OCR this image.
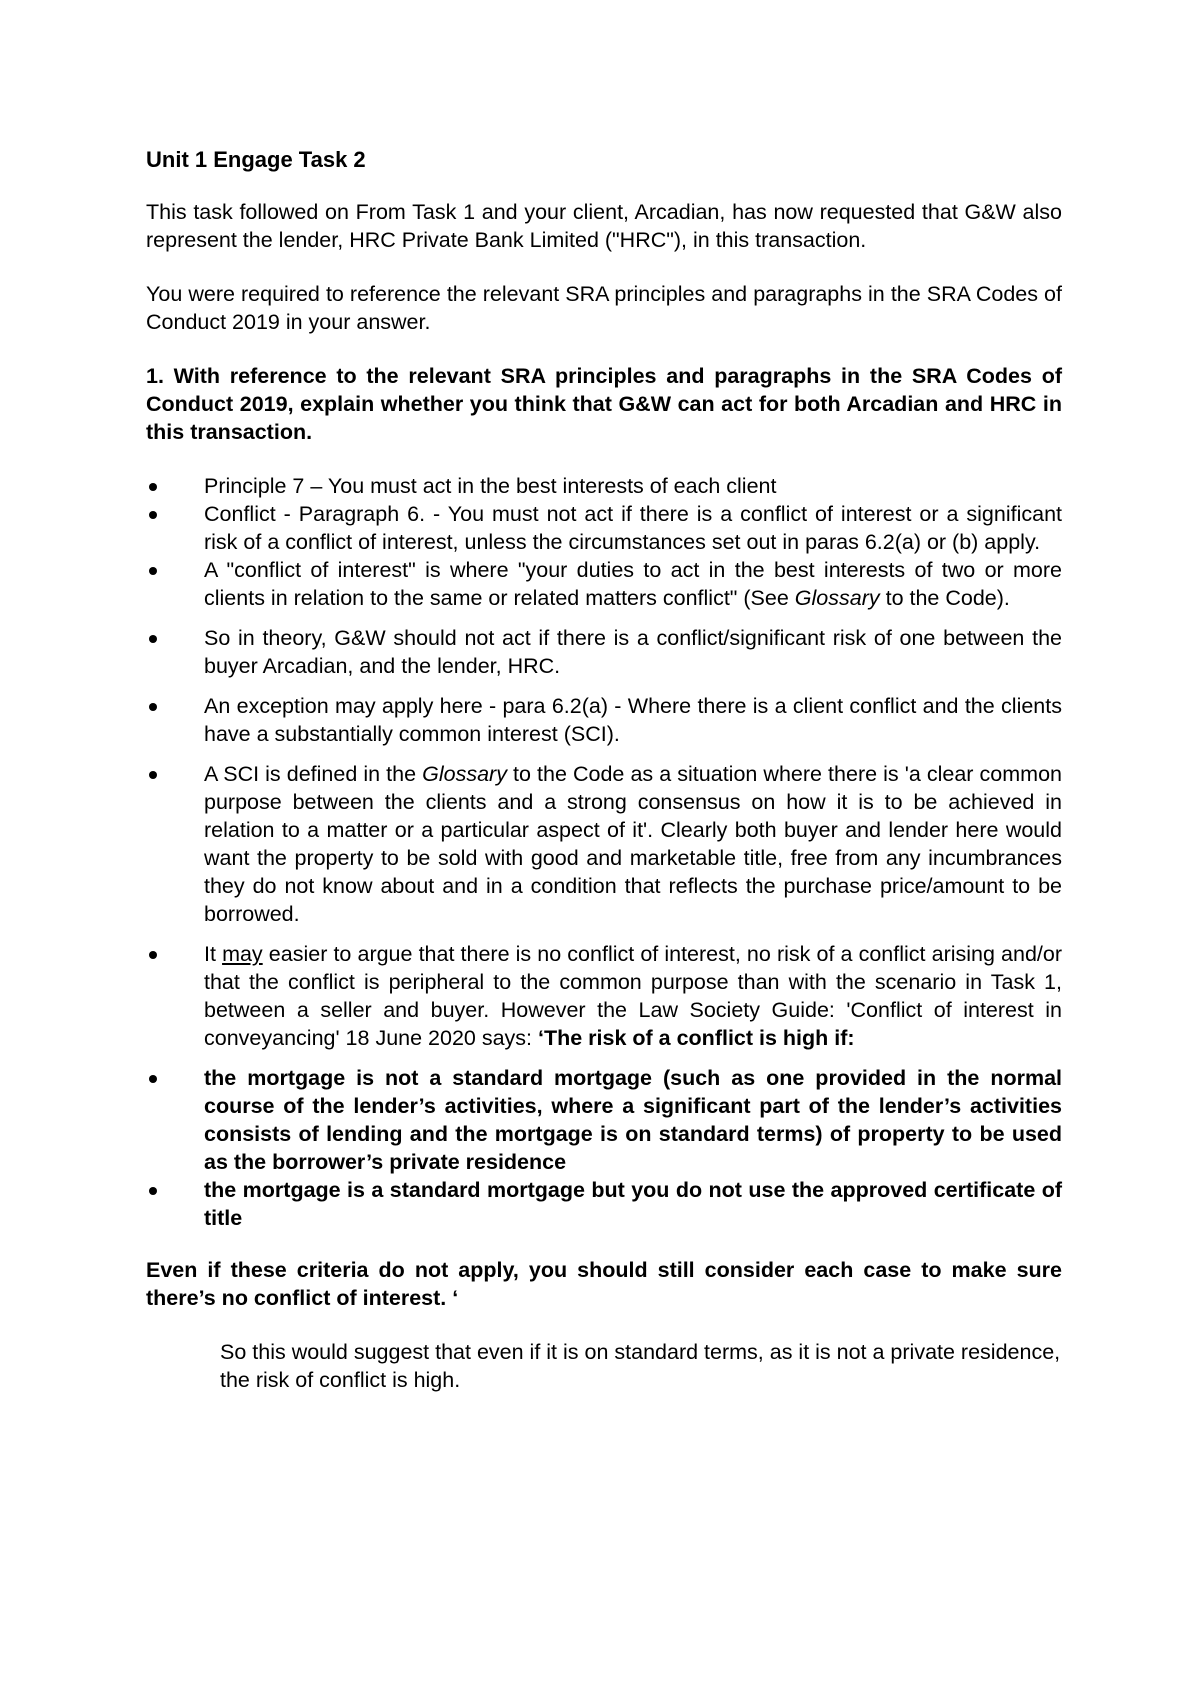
Unit 1 Engage Task 2

This task followed on From Task 1 and your client, Arcadian, has now requested that G&W also represent the lender, HRC Private Bank Limited ("HRC"), in this transaction.

You were required to reference the relevant SRA principles and paragraphs in the SRA Codes of Conduct 2019 in your answer.

1. With reference to the relevant SRA principles and paragraphs in the SRA Codes of Conduct 2019, explain whether you think that G&W can act for both Arcadian and HRC in this transaction.

Principle 7 – You must act in the best interests of each client
Conflict - Paragraph 6. - You must not act if there is a conflict of interest or a significant risk of a conflict of interest, unless the circumstances set out in paras 6.2(a) or (b) apply.
A "conflict of interest" is where "your duties to act in the best interests of two or more clients in relation to the same or related matters conflict" (See Glossary to the Code).
So in theory, G&W should not act if there is a conflict/significant risk of one between the buyer Arcadian, and the lender, HRC.
An exception may apply here - para 6.2(a) - Where there is a client conflict and the clients have a substantially common interest (SCI).
A SCI is defined in the Glossary to the Code as a situation where there is 'a clear common purpose between the clients and a strong consensus on how it is to be achieved in relation to a matter or a particular aspect of it'. Clearly both buyer and lender here would want the property to be sold with good and marketable title, free from any incumbrances they do not know about and in a condition that reflects the purchase price/amount to be borrowed.
It may easier to argue that there is no conflict of interest, no risk of a conflict arising and/or that the conflict is peripheral to the common purpose than with the scenario in Task 1, between a seller and buyer. However the Law Society Guide: 'Conflict of interest in conveyancing' 18 June 2020 says: ‘The risk of a conflict is high if:
the mortgage is not a standard mortgage (such as one provided in the normal course of the lender’s activities, where a significant part of the lender’s activities consists of lending and the mortgage is on standard terms) of property to be used as the borrower’s private residence
the mortgage is a standard mortgage but you do not use the approved certificate of title

Even if these criteria do not apply, you should still consider each case to make sure there’s no conflict of interest. ‘

So this would suggest that even if it is on standard terms, as it is not a private residence, the risk of conflict is high.
